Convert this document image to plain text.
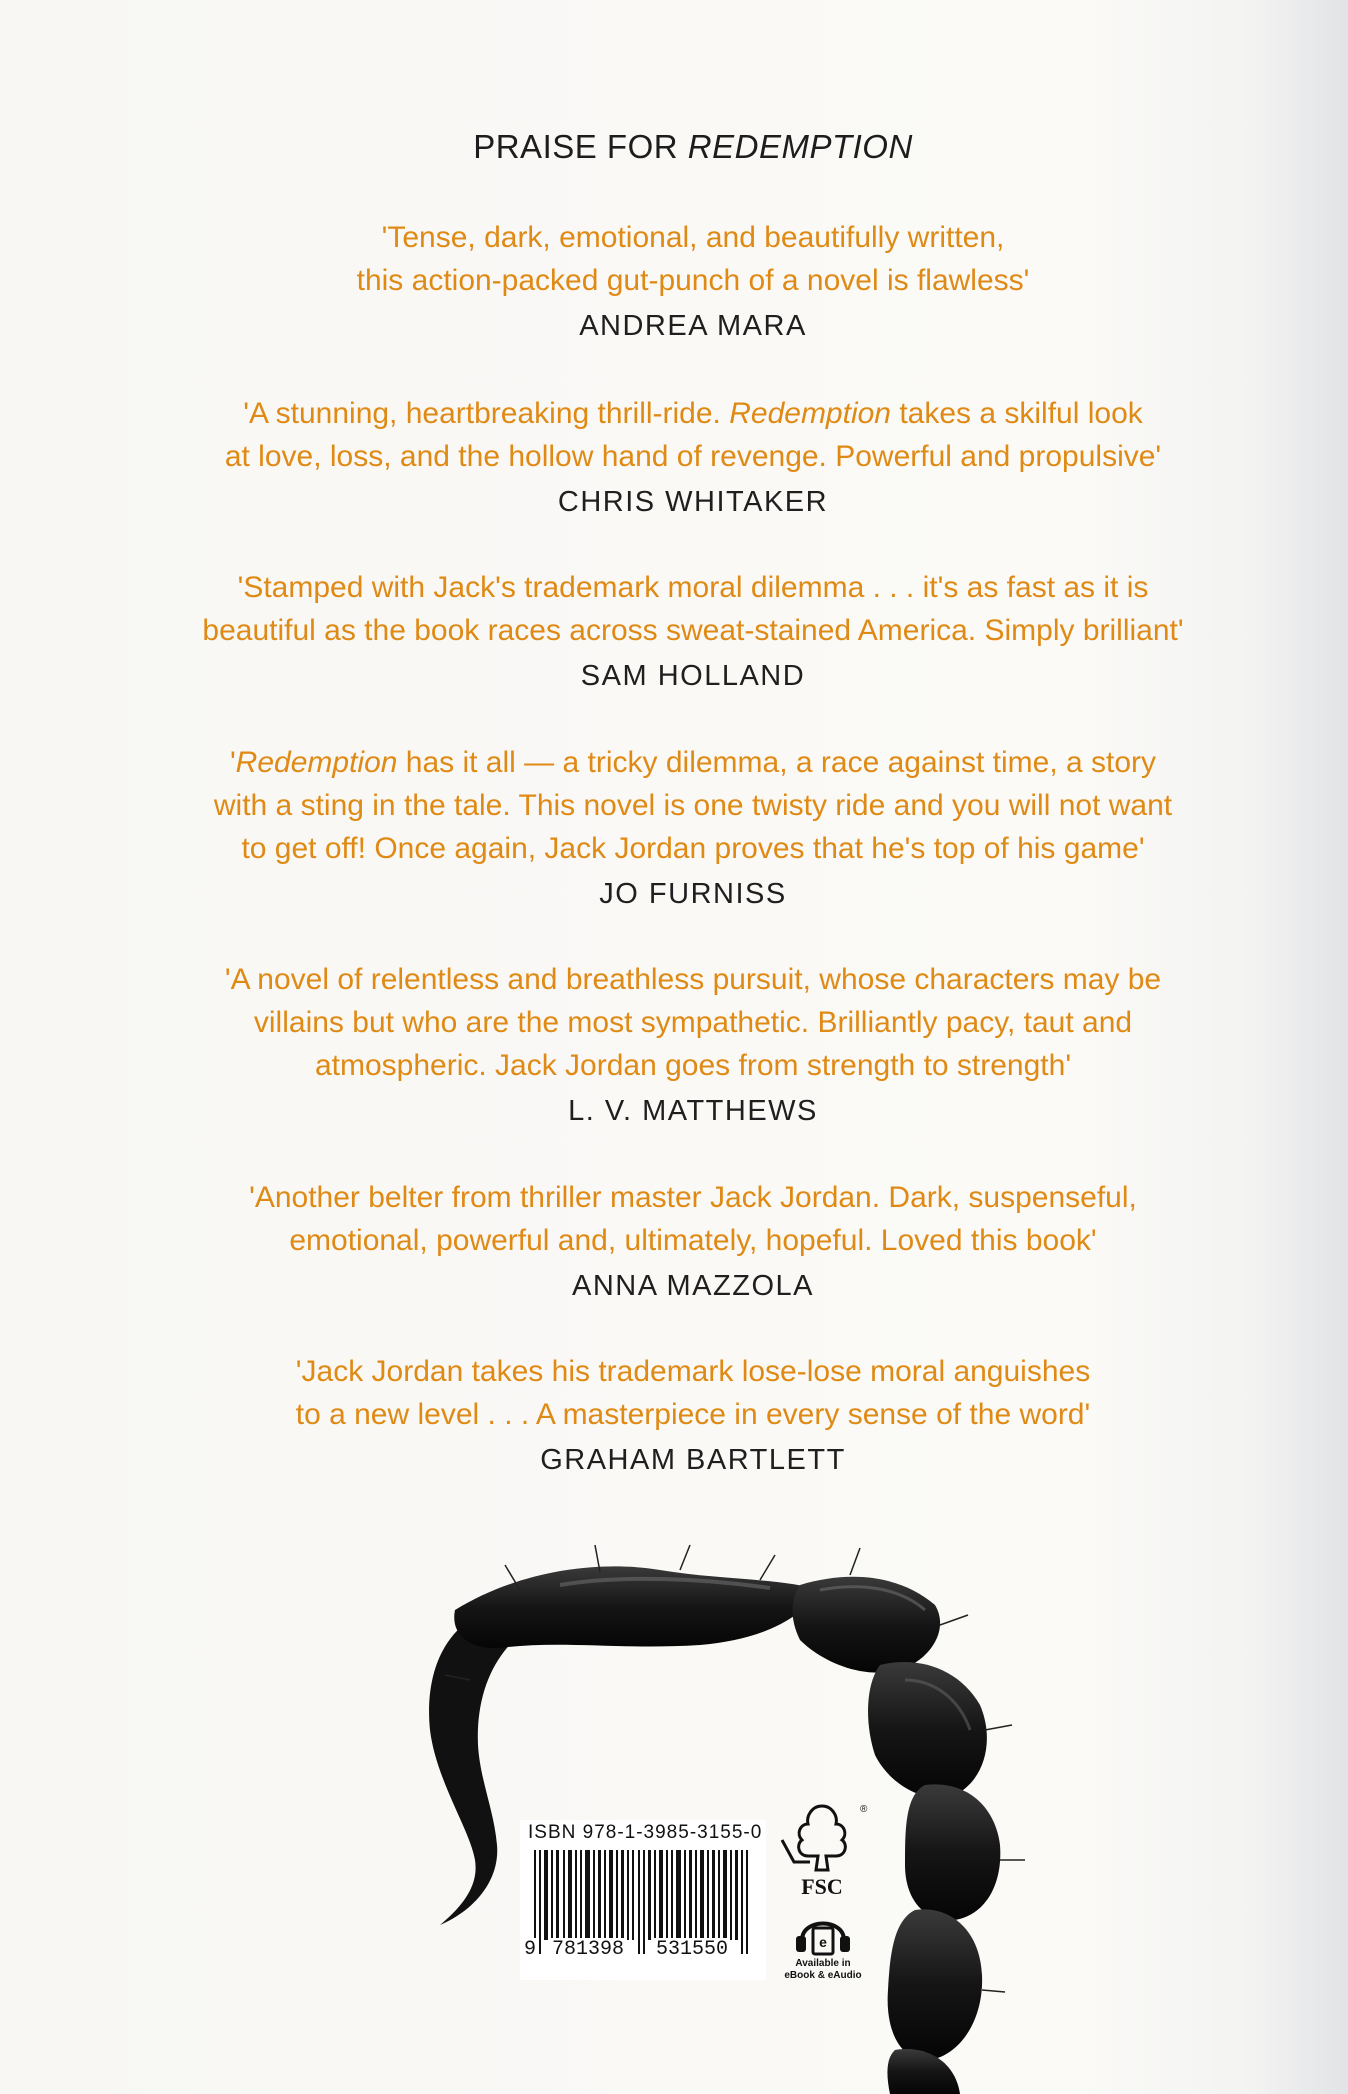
PRAISE FOR REDEMPTION
'Tense, dark, emotional, and beautifully written,
this action-packed gut-punch of a novel is flawless'
ANDREA MARA
'A stunning, heartbreaking thrill-ride. Redemption takes a skilful look
at love, loss, and the hollow hand of revenge. Powerful and propulsive'
CHRIS WHITAKER
'Stamped with Jack's trademark moral dilemma . . . it's as fast as it is
beautiful as the book races across sweat-stained America. Simply brilliant'
SAM HOLLAND
'Redemption has it all — a tricky dilemma, a race against time, a story
with a sting in the tale. This novel is one twisty ride and you will not want
to get off! Once again, Jack Jordan proves that he's top of his game'
JO FURNISS
'A novel of relentless and breathless pursuit, whose characters may be
villains but who are the most sympathetic. Brilliantly pacy, taut and
atmospheric. Jack Jordan goes from strength to strength'
L. V. MATTHEWS
'Another belter from thriller master Jack Jordan. Dark, suspenseful,
emotional, powerful and, ultimately, hopeful. Loved this book'
ANNA MAZZOLA
'Jack Jordan takes his trademark lose-lose moral anguishes
to a new level . . . A masterpiece in every sense of the word'
GRAHAM BARTLETT
ISBN 978-1-3985-3155-0
9 781398 531550
®
FSC
e
Available in
eBook & eAudio
